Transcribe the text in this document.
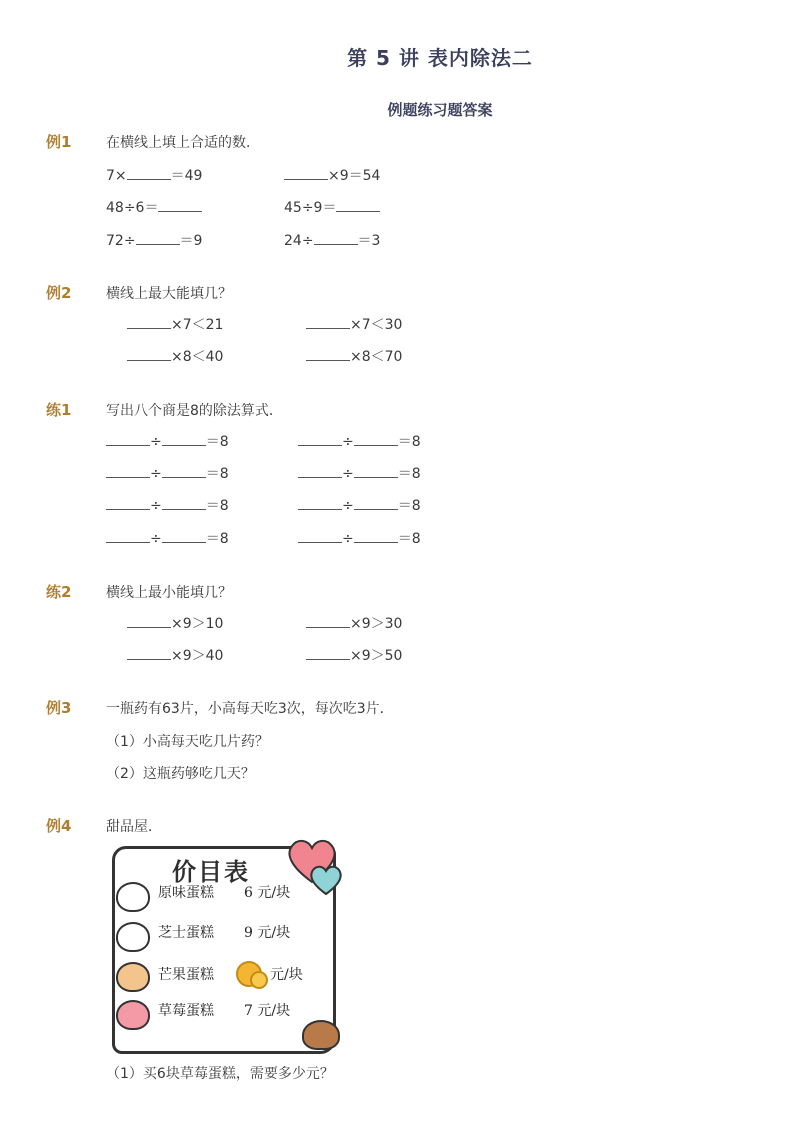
第 5 讲 表内除法二
例题练习题答案
例1 在横线上填上合适的数．
7×	＝49	×9＝54
48÷6＝	45÷9＝
72÷	＝9	24÷	＝3
例2 横线上最大能填几？
×7＜21	×7＜30
×8＜40	×8＜70
练1 写出八个商是8的除法算式．
÷	＝8	÷	＝8
÷	＝8	÷	＝8
÷	＝8	÷	＝8
÷	＝8	÷	＝8
练2 横线上最小能填几？
×9＞10	×9＞30
×9＞40	×9＞50
例3 一瓶药有63片，小高每天吃3次，每次吃3片．
（1）小高每天吃几片药？
（2）这瓶药够吃几天？
例4 甜品屋．
价目表
原味蛋糕 6 元/块
芝士蛋糕 9 元/块
芒果蛋糕	元/块
草莓蛋糕 7 元/块
（1）买6块草莓蛋糕，需要多少元？
